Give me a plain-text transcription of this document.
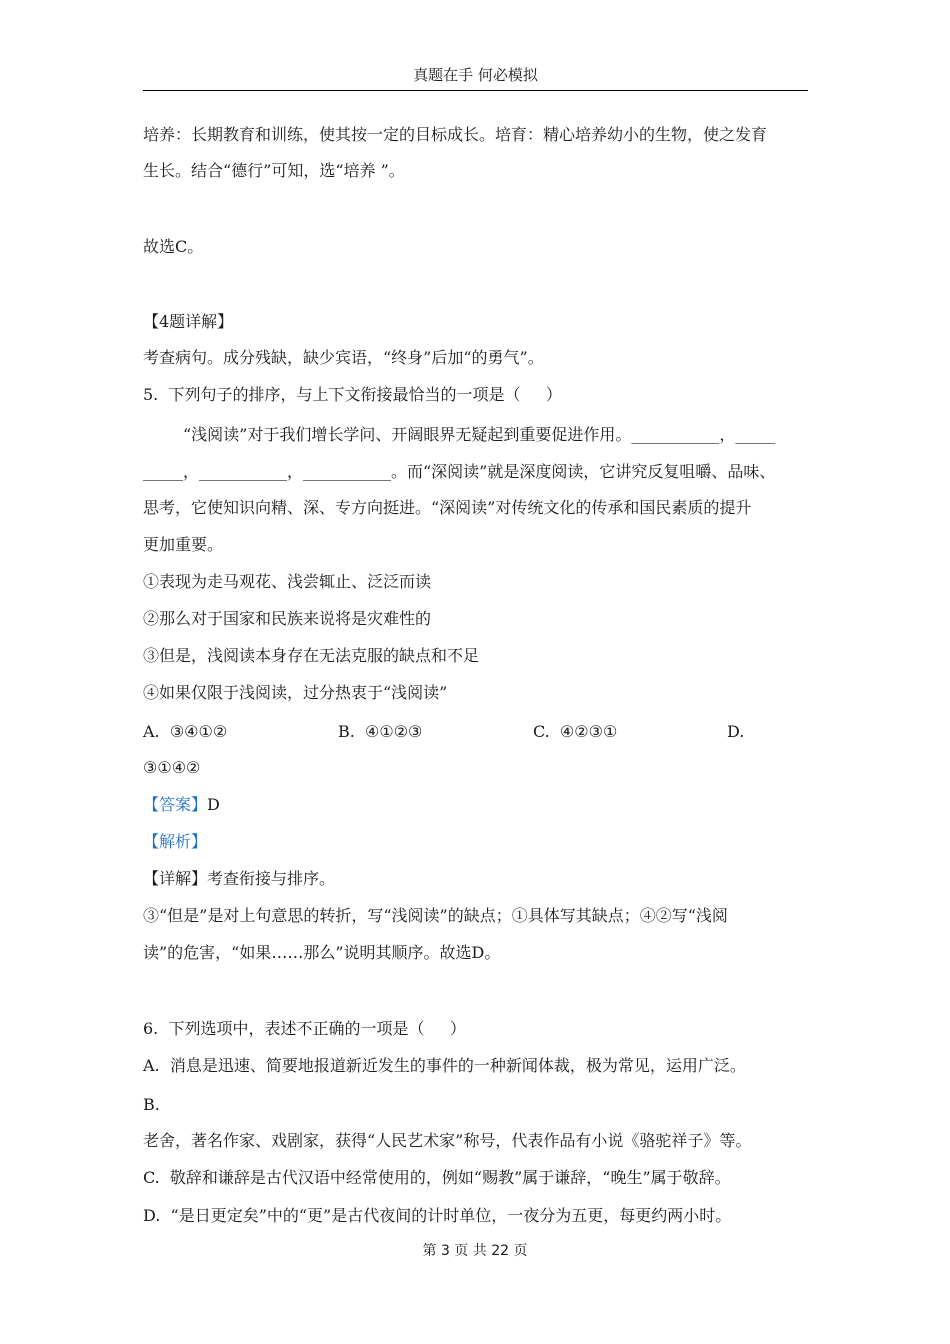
真题在手 何必模拟
培养：长期教育和训练，使其按一定的目标成长。培育：精心培养幼小的生物，使之发育
生长。结合“德行”可知，选“培养 ”。
故选C。
【4题详解】
考查病句。成分残缺，缺少宾语，“终身”后加“的勇气”。
5.  下列句子的排序，与上下文衔接最恰当的一项是（     ）
“浅阅读”对于我们增长学问、开阔眼界无疑起到重要促进作用。___________，_____
_____，___________，___________。而“深阅读”就是深度阅读，它讲究反复咀嚼、品味、
思考，它使知识向精、深、专方向挺进。“深阅读”对传统文化的传承和国民素质的提升
更加重要。
①表现为走马观花、浅尝辄止、泛泛而读
②那么对于国家和民族来说将是灾难性的
③但是，浅阅读本身存在无法克服的缺点和不足
④如果仅限于浅阅读，过分热衷于“浅阅读”
A.  ③④①②	B.  ④①②③	C.  ④②③①	D.
③①④②
【答案】D
【解析】
【详解】考查衔接与排序。
③“但是”是对上句意思的转折，写“浅阅读”的缺点；①具体写其缺点；④②写“浅阅
读”的危害，“如果……那么”说明其顺序。故选D。
6.  下列选项中，表述不正确的一项是（     ）
A.  消息是迅速、简要地报道新近发生的事件的一种新闻体裁，极为常见，运用广泛。
B.
老舍，著名作家、戏剧家，获得“人民艺术家”称号，代表作品有小说《骆驼祥子》等。
C.  敬辞和谦辞是古代汉语中经常使用的，例如“赐教”属于谦辞，“晚生”属于敬辞。
D.  “是日更定矣”中的“更”是古代夜间的计时单位，一夜分为五更，每更约两小时。
第 3 页 共 22 页
